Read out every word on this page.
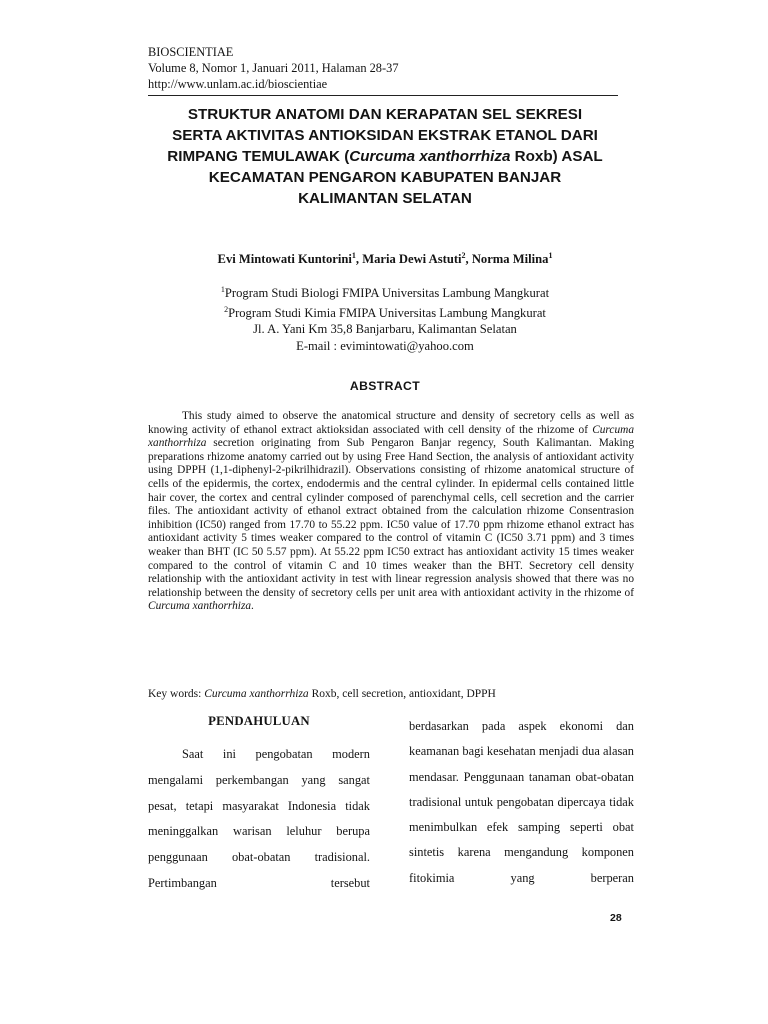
BIOSCIENTIAE
Volume 8, Nomor 1, Januari 2011, Halaman 28-37
http://www.unlam.ac.id/bioscientiae
STRUKTUR ANATOMI DAN KERAPATAN SEL SEKRESI
SERTA AKTIVITAS ANTIOKSIDAN EKSTRAK ETANOL DARI
RIMPANG TEMULAWAK (Curcuma xanthorrhiza Roxb) ASAL
KECAMATAN PENGARON KABUPATEN BANJAR
KALIMANTAN SELATAN
Evi Mintowati Kuntorini$^1$, Maria Dewi Astuti$^2$, Norma Milina$^1$
$^1$Program Studi Biologi FMIPA Universitas Lambung Mangkurat
$^2$Program Studi Kimia FMIPA Universitas Lambung Mangkurat
Jl. A. Yani Km 35,8 Banjarbaru, Kalimantan Selatan
E-mail : evimintowati@yahoo.com
ABSTRACT

This study aimed to observe the anatomical structure and density of secretory cells as well as knowing activity of ethanol extract aktioksidan associated with cell density of the rhizome of Curcuma xanthorrhiza secretion originating from Sub Pengaron Banjar regency, South Kalimantan. Making preparations rhizome anatomy carried out by using Free Hand Section, the analysis of antioxidant activity using DPPH (1,1-diphenyl-2-pikrilhidrazil). Observations consisting of rhizome anatomical structure of cells of the epidermis, the cortex, endodermis and the central cylinder. In epidermal cells contained little hair cover, the cortex and central cylinder composed of parenchymal cells, cell secretion and the carrier files. The antioxidant activity of ethanol extract obtained from the calculation rhizome Consentrasion inhibition (IC50) ranged from 17.70 to 55.22 ppm. IC50 value of 17.70 ppm rhizome ethanol extract has antioxidant activity 5 times weaker compared to the control of vitamin C (IC50 3.71 ppm) and 3 times weaker than BHT (IC 50 5.57 ppm). At 55.22 ppm IC50 extract has antioxidant activity 15 times weaker compared to the control of vitamin C and 10 times weaker than the BHT. Secretory cell density relationship with the antioxidant activity in test with linear regression analysis showed that there was no relationship between the density of secretory cells per unit area with antioxidant activity in the rhizome of Curcuma xanthorrhiza.

Key words: Curcuma xanthorrhiza Roxb, cell secretion, antioxidant, DPPH
PENDAHULUAN

Saat ini pengobatan modern mengalami perkembangan yang sangat pesat, tetapi masyarakat Indonesia tidak meninggalkan warisan leluhur berupa penggunaan obat-obatan tradisional. Pertimbangan tersebut

berdasarkan pada aspek ekonomi dan keamanan bagi kesehatan menjadi dua alasan mendasar. Penggunaan tanaman obat-obatan tradisional untuk pengobatan dipercaya tidak menimbulkan efek samping seperti obat sintetis karena mengandung komponen fitokimia yang berperan

28
